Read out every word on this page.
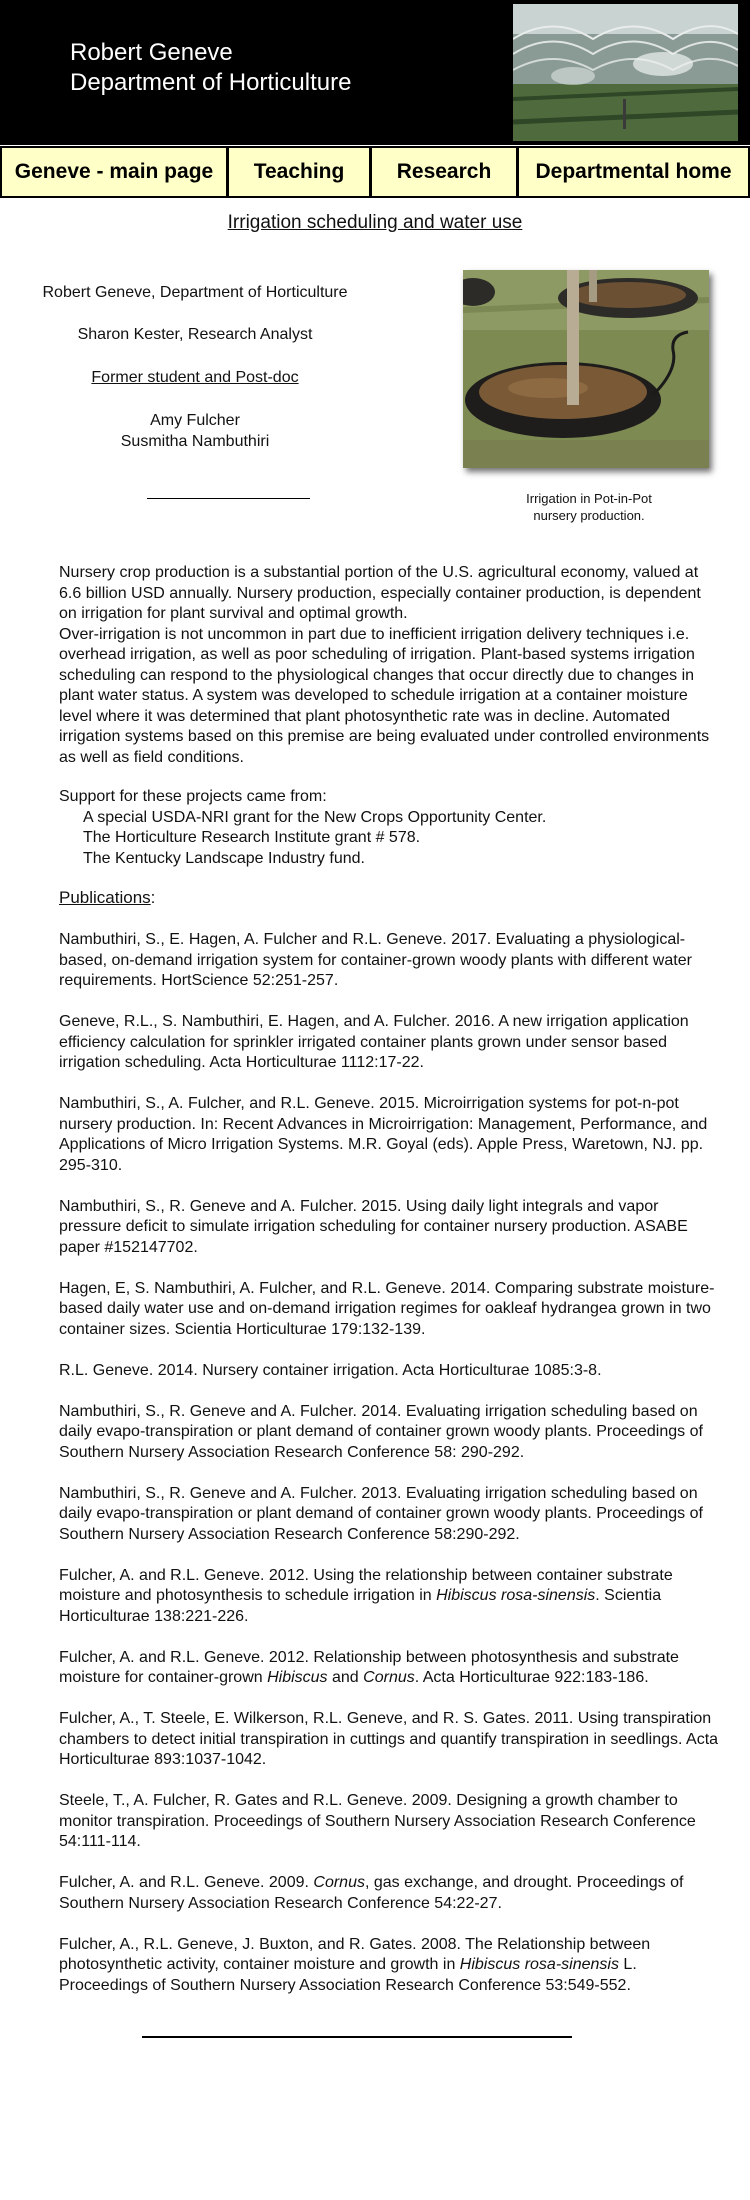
Robert Geneve
Department of Horticulture
Geneve - main page	Teaching	Research	Departmental home
Irrigation scheduling and water use
Robert Geneve, Department of Horticulture
Sharon Kester, Research Analyst
Former student and Post-doc
Amy Fulcher
Susmitha Nambuthiri
Irrigation in Pot-in-Pot
nursery production.

Nursery crop production is a substantial portion of the U.S. agricultural economy, valued at 6.6 billion USD annually. Nursery production, especially container production, is dependent on irrigation for plant survival and optimal growth.

Over-irrigation is not uncommon in part due to inefficient irrigation delivery techniques i.e. overhead irrigation, as well as poor scheduling of irrigation. Plant-based systems irrigation scheduling can respond to the physiological changes that occur directly due to changes in plant water status. A system was developed to schedule irrigation at a container moisture level where it was determined that plant photosynthetic rate was in decline. Automated irrigation systems based on this premise are being evaluated under controlled environments as well as field conditions.

Support for these projects came from:
A special USDA-NRI grant for the New Crops Opportunity Center.
The Horticulture Research Institute grant # 578.
The Kentucky Landscape Industry fund.
Publications:

Nambuthiri, S., E. Hagen, A. Fulcher and R.L. Geneve. 2017. Evaluating a physiological-based, on-demand irrigation system for container-grown woody plants with different water requirements. HortScience 52:251-257.

Geneve, R.L., S. Nambuthiri, E. Hagen, and A. Fulcher. 2016. A new irrigation application efficiency calculation for sprinkler irrigated container plants grown under sensor based irrigation scheduling. Acta Horticulturae 1112:17-22.

Nambuthiri, S., A. Fulcher, and R.L. Geneve. 2015. Microirrigation systems for pot-n-pot nursery production. In: Recent Advances in Microirrigation: Management, Performance, and Applications of Micro Irrigation Systems. M.R. Goyal (eds). Apple Press, Waretown, NJ. pp. 295-310.

Nambuthiri, S., R. Geneve and A. Fulcher. 2015. Using daily light integrals and vapor pressure deficit to simulate irrigation scheduling for container nursery production. ASABE paper #152147702.

Hagen, E, S. Nambuthiri, A. Fulcher, and R.L. Geneve. 2014. Comparing substrate moisture-based daily water use and on-demand irrigation regimes for oakleaf hydrangea grown in two container sizes. Scientia Horticulturae 179:132-139.

R.L. Geneve. 2014. Nursery container irrigation. Acta Horticulturae 1085:3-8.

Nambuthiri, S., R. Geneve and A. Fulcher. 2014. Evaluating irrigation scheduling based on daily evapo-transpiration or plant demand of container grown woody plants. Proceedings of Southern Nursery Association Research Conference 58: 290-292.

Nambuthiri, S., R. Geneve and A. Fulcher. 2013. Evaluating irrigation scheduling based on daily evapo-transpiration or plant demand of container grown woody plants. Proceedings of Southern Nursery Association Research Conference 58:290-292.

Fulcher, A. and R.L. Geneve. 2012. Using the relationship between container substrate moisture and photosynthesis to schedule irrigation in Hibiscus rosa-sinensis. Scientia Horticulturae 138:221-226.

Fulcher, A. and R.L. Geneve. 2012. Relationship between photosynthesis and substrate moisture for container-grown Hibiscus and Cornus. Acta Horticulturae 922:183-186.

Fulcher, A., T. Steele, E. Wilkerson, R.L. Geneve, and R. S. Gates. 2011. Using transpiration chambers to detect initial transpiration in cuttings and quantify transpiration in seedlings. Acta Horticulturae 893:1037-1042.

Steele, T., A. Fulcher, R. Gates and R.L. Geneve. 2009. Designing a growth chamber to monitor transpiration. Proceedings of Southern Nursery Association Research Conference 54:111-114.

Fulcher, A. and R.L. Geneve. 2009. Cornus, gas exchange, and drought. Proceedings of Southern Nursery Association Research Conference 54:22-27.

Fulcher, A., R.L. Geneve, J. Buxton, and R. Gates. 2008. The Relationship between photosynthetic activity, container moisture and growth in Hibiscus rosa-sinensis L. Proceedings of Southern Nursery Association Research Conference 53:549-552.
